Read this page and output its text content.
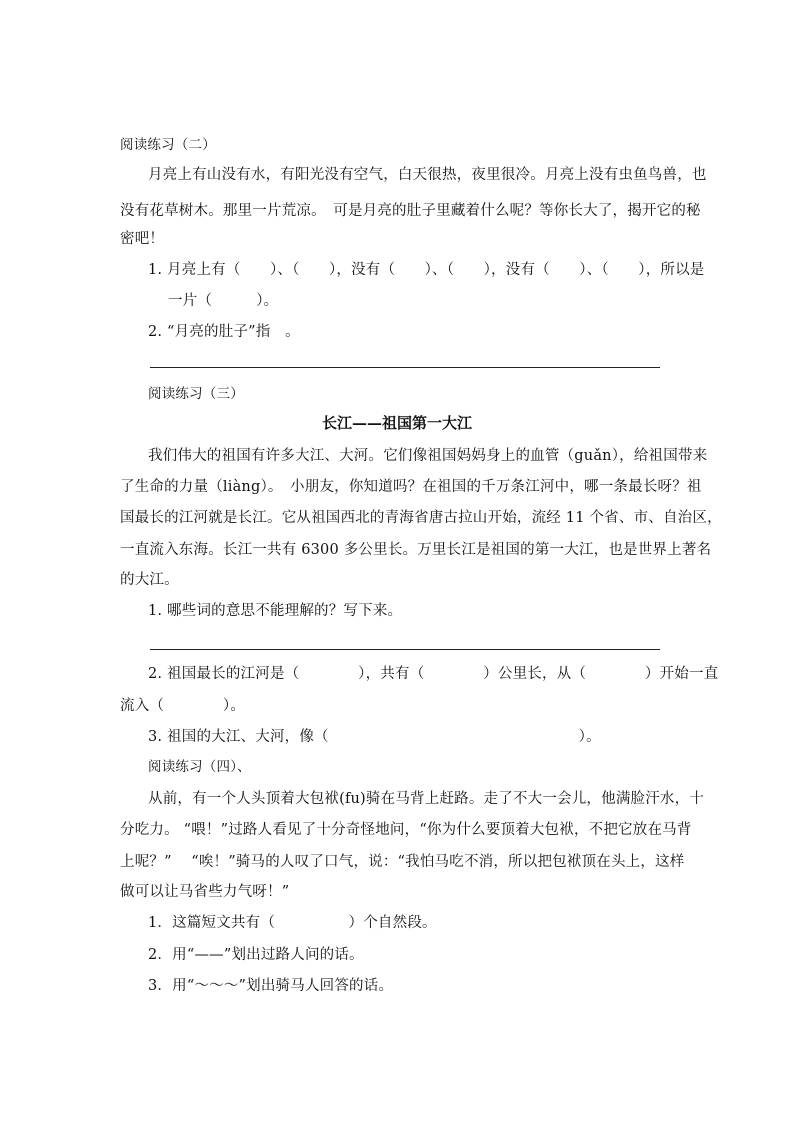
阅读练习（二）
月亮上有山没有水，有阳光没有空气，白天很热，夜里很冷。月亮上没有虫鱼鸟兽，也
没有花草树木。那里一片荒凉。　可是月亮的肚子里藏着什么呢？等你长大了，揭开它的秘
密吧！
1. 月亮上有（　　）、（　　），没有（　　）、（　　），没有（　　）、（　　），所以是
一片（　　　）。
2. “月亮的肚子”指　。
阅读练习（三）
长江——祖国第一大江
我们伟大的祖国有许多大江、大河。它们像祖国妈妈身上的血管（guǎn），给祖国带来
了生命的力量（liàng）。　小朋友，你知道吗？在祖国的千万条江河中，哪一条最长呀？祖
国最长的江河就是长江。它从祖国西北的青海省唐古拉山开始，流经 11 个省、市、自治区，
一直流入东海。长江一共有 6300 多公里长。万里长江是祖国的第一大江，也是世界上著名
的大江。
1. 哪些词的意思不能理解的？写下来。
2. 祖国最长的江河是（　　　　），共有（　　　　）公里长，从（　　　　）开始一直
流入（　　　　）。
3. 祖国的大江、大河，像（　　　　　　　　　　　　　　　　　）。
阅读练习（四）、
从前，有一个人头顶着大包袱(fu)骑在马背上赶路。走了不大一会儿，他满脸汗水，十
分吃力。 “喂！”过路人看见了十分奇怪地问，“你为什么要顶着大包袱，不把它放在马背
上呢？” 　“唉！”骑马的人叹了口气，说：“我怕马吃不消，所以把包袱顶在头上，这样
做可以让马省些力气呀！”
1．这篇短文共有（　　　　　）个自然段。
2．用“——”划出过路人问的话。
3．用“～～～”划出骑马人回答的话。
